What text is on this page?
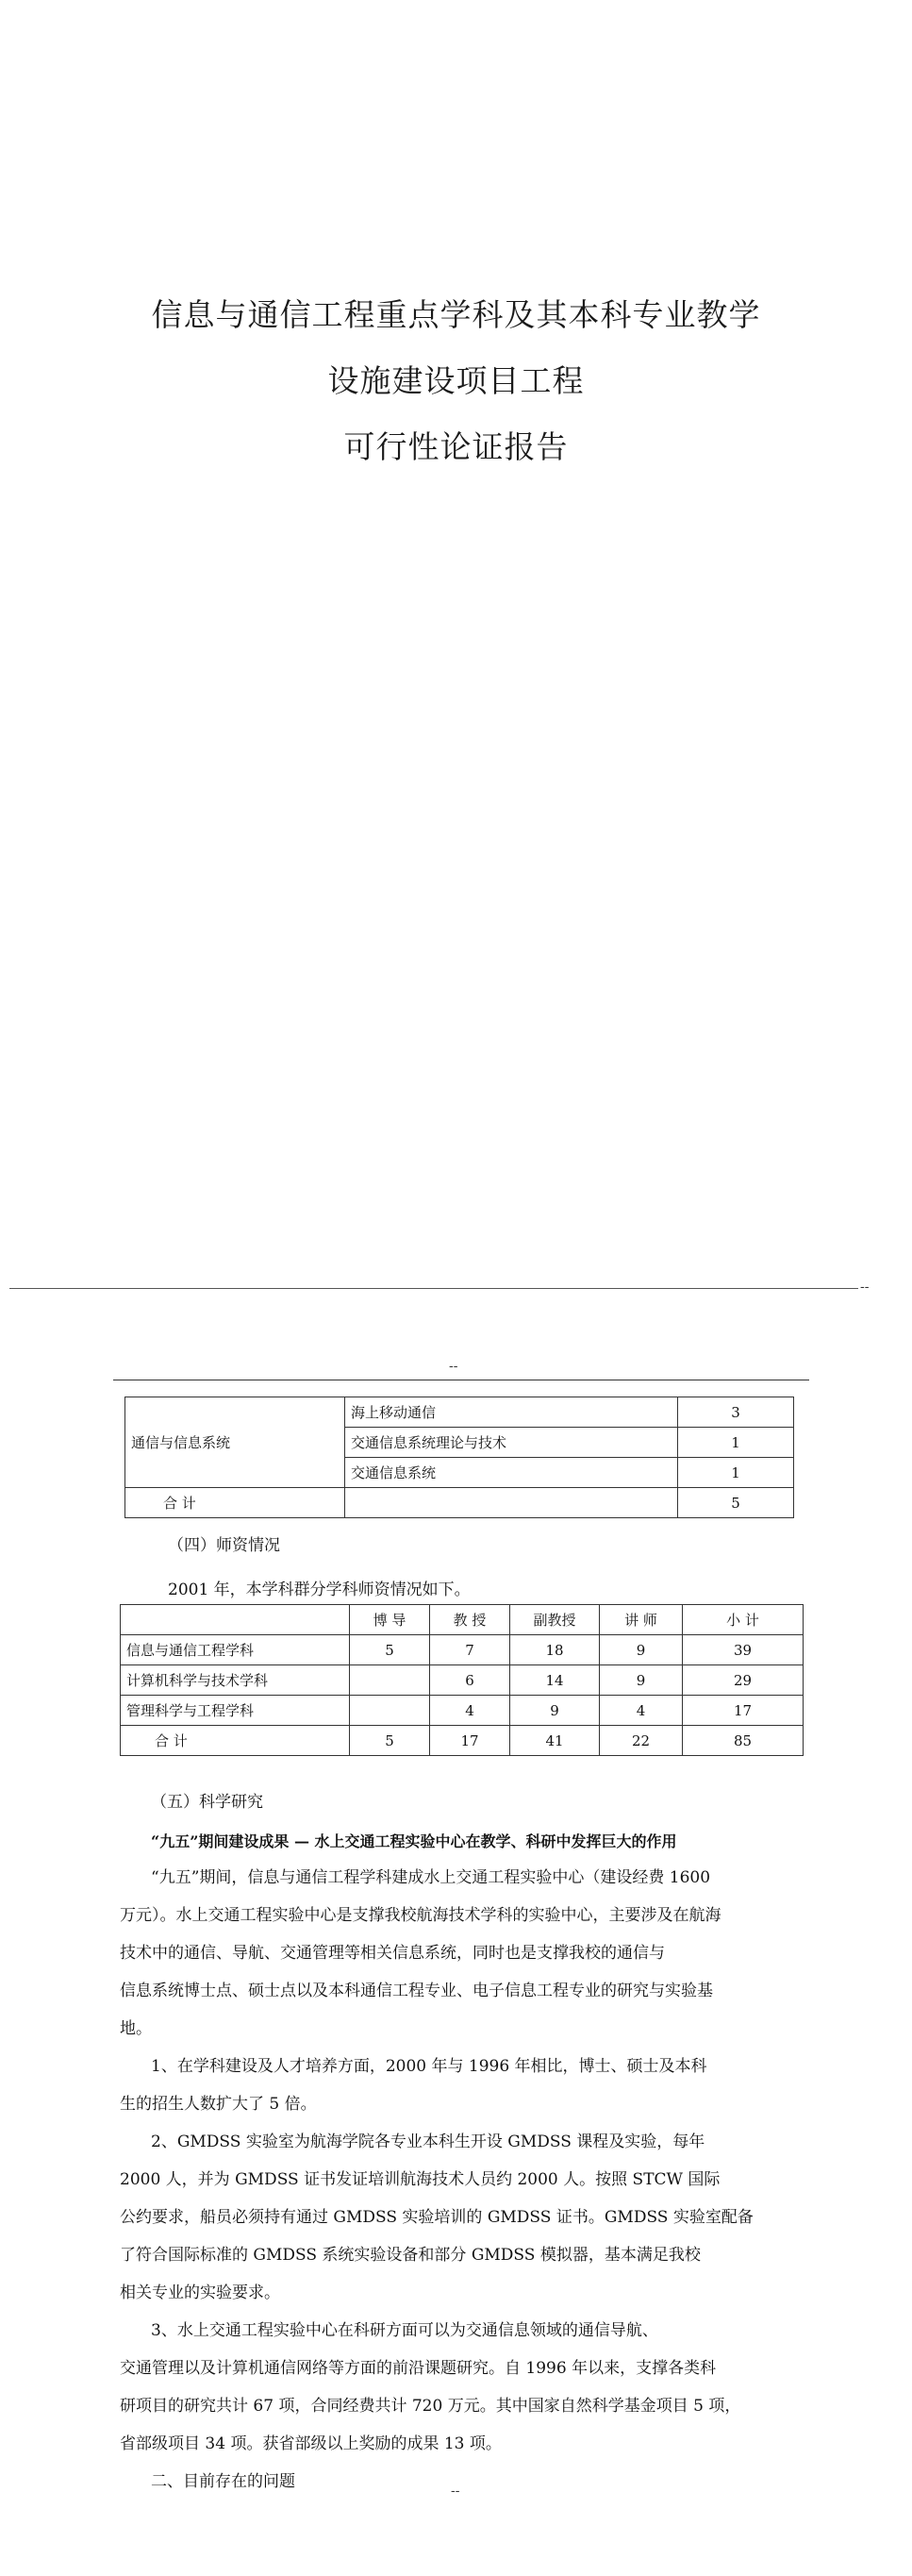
信息与通信工程重点学科及其本科专业教学
设施建设项目工程
可行性论证报告
--
--
通信与信息系统	海上移动通信	3
	交通信息系统理论与技术	1
	交通信息系统	1
合 计		5
（四）师资情况
2001 年，本学科群分学科师资情况如下。
	博 导	教 授	副教授	讲 师	小 计
信息与通信工程学科	5	7	18	9	39
计算机科学与技术学科		6	14	9	29
管理科学与工程学科		4	9	4	17
合 计	5	17	41	22	85
（五）科学研究
“九五”期间建设成果 — 水上交通工程实验中心在教学、科研中发挥巨大的作用
“九五”期间，信息与通信工程学科建成水上交通工程实验中心（建设经费 1600
万元）。水上交通工程实验中心是支撑我校航海技术学科的实验中心，主要涉及在航海
技术中的通信、导航、交通管理等相关信息系统，同时也是支撑我校的通信与
信息系统博士点、硕士点以及本科通信工程专业、电子信息工程专业的研究与实验基
地。
1、在学科建设及人才培养方面，2000 年与 1996 年相比，博士、硕士及本科
生的招生人数扩大了 5 倍。
2、GMDSS 实验室为航海学院各专业本科生开设 GMDSS 课程及实验，每年
2000 人，并为 GMDSS 证书发证培训航海技术人员约 2000 人。按照 STCW 国际
公约要求，船员必须持有通过 GMDSS 实验培训的 GMDSS 证书。GMDSS 实验室配备
了符合国际标准的 GMDSS 系统实验设备和部分 GMDSS 模拟器，基本满足我校
相关专业的实验要求。
3、水上交通工程实验中心在科研方面可以为交通信息领域的通信导航、
交通管理以及计算机通信网络等方面的前沿课题研究。自 1996 年以来，支撑各类科
研项目的研究共计 67 项，合同经费共计 720 万元。其中国家自然科学基金项目 5 项，
省部级项目 34 项。获省部级以上奖励的成果 13 项。
二、目前存在的问题	--
